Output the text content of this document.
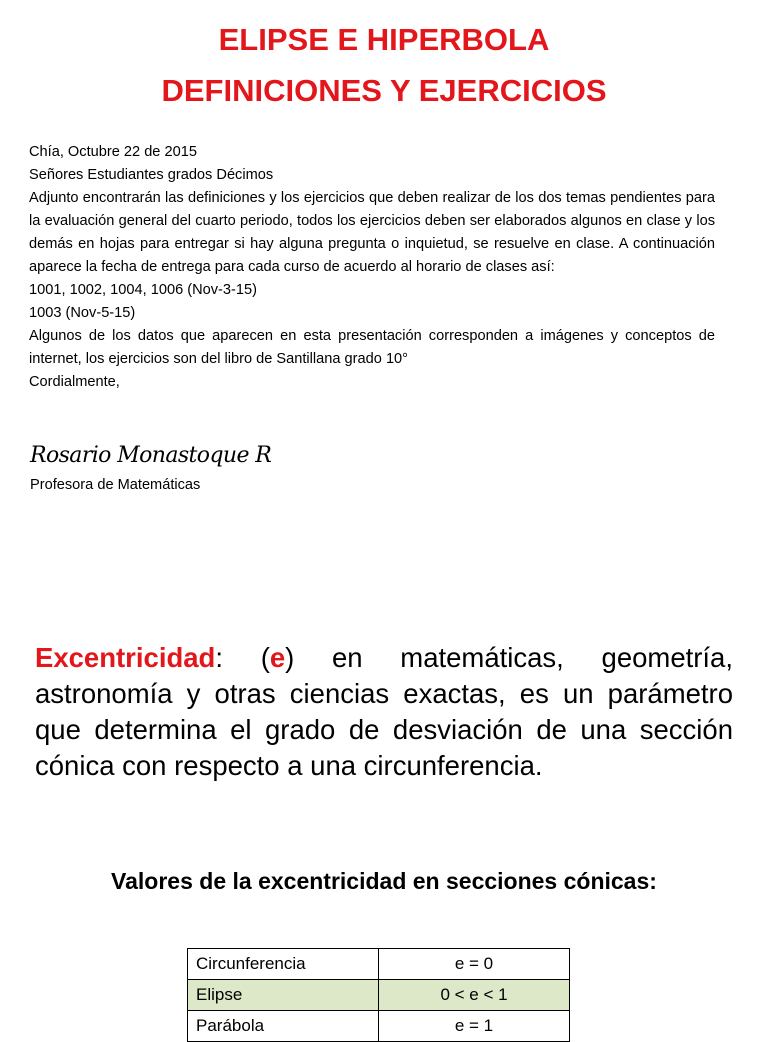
ELIPSE E HIPERBOLA
DEFINICIONES Y EJERCICIOS

Chía, Octubre 22 de 2015

Señores Estudiantes grados Décimos

Adjunto encontrarán las definiciones y los ejercicios que deben realizar de los dos temas pendientes para la evaluación general del cuarto periodo, todos los ejercicios deben ser elaborados algunos en clase y los demás en hojas para entregar si hay alguna pregunta o inquietud, se resuelve en clase. A continuación aparece la fecha de entrega para cada curso de acuerdo al horario de clases así:

1001, 1002, 1004, 1006 (Nov-3-15)

1003 (Nov-5-15)

Algunos de los datos que aparecen en esta presentación corresponden a imágenes y conceptos de internet, los ejercicios son del libro de Santillana grado 10°

Cordialmente,

Rosario Monastoque R
Profesora de Matemáticas
Excentricidad: (e) en matemáticas, geometría, astronomía y otras ciencias exactas, es un parámetro que determina el grado de desviación de una sección cónica con respecto a una circunferencia.
Valores de la excentricidad en secciones cónicas:
Circunferencia	e = 0
Elipse	0 < e < 1
Parábola	e = 1
